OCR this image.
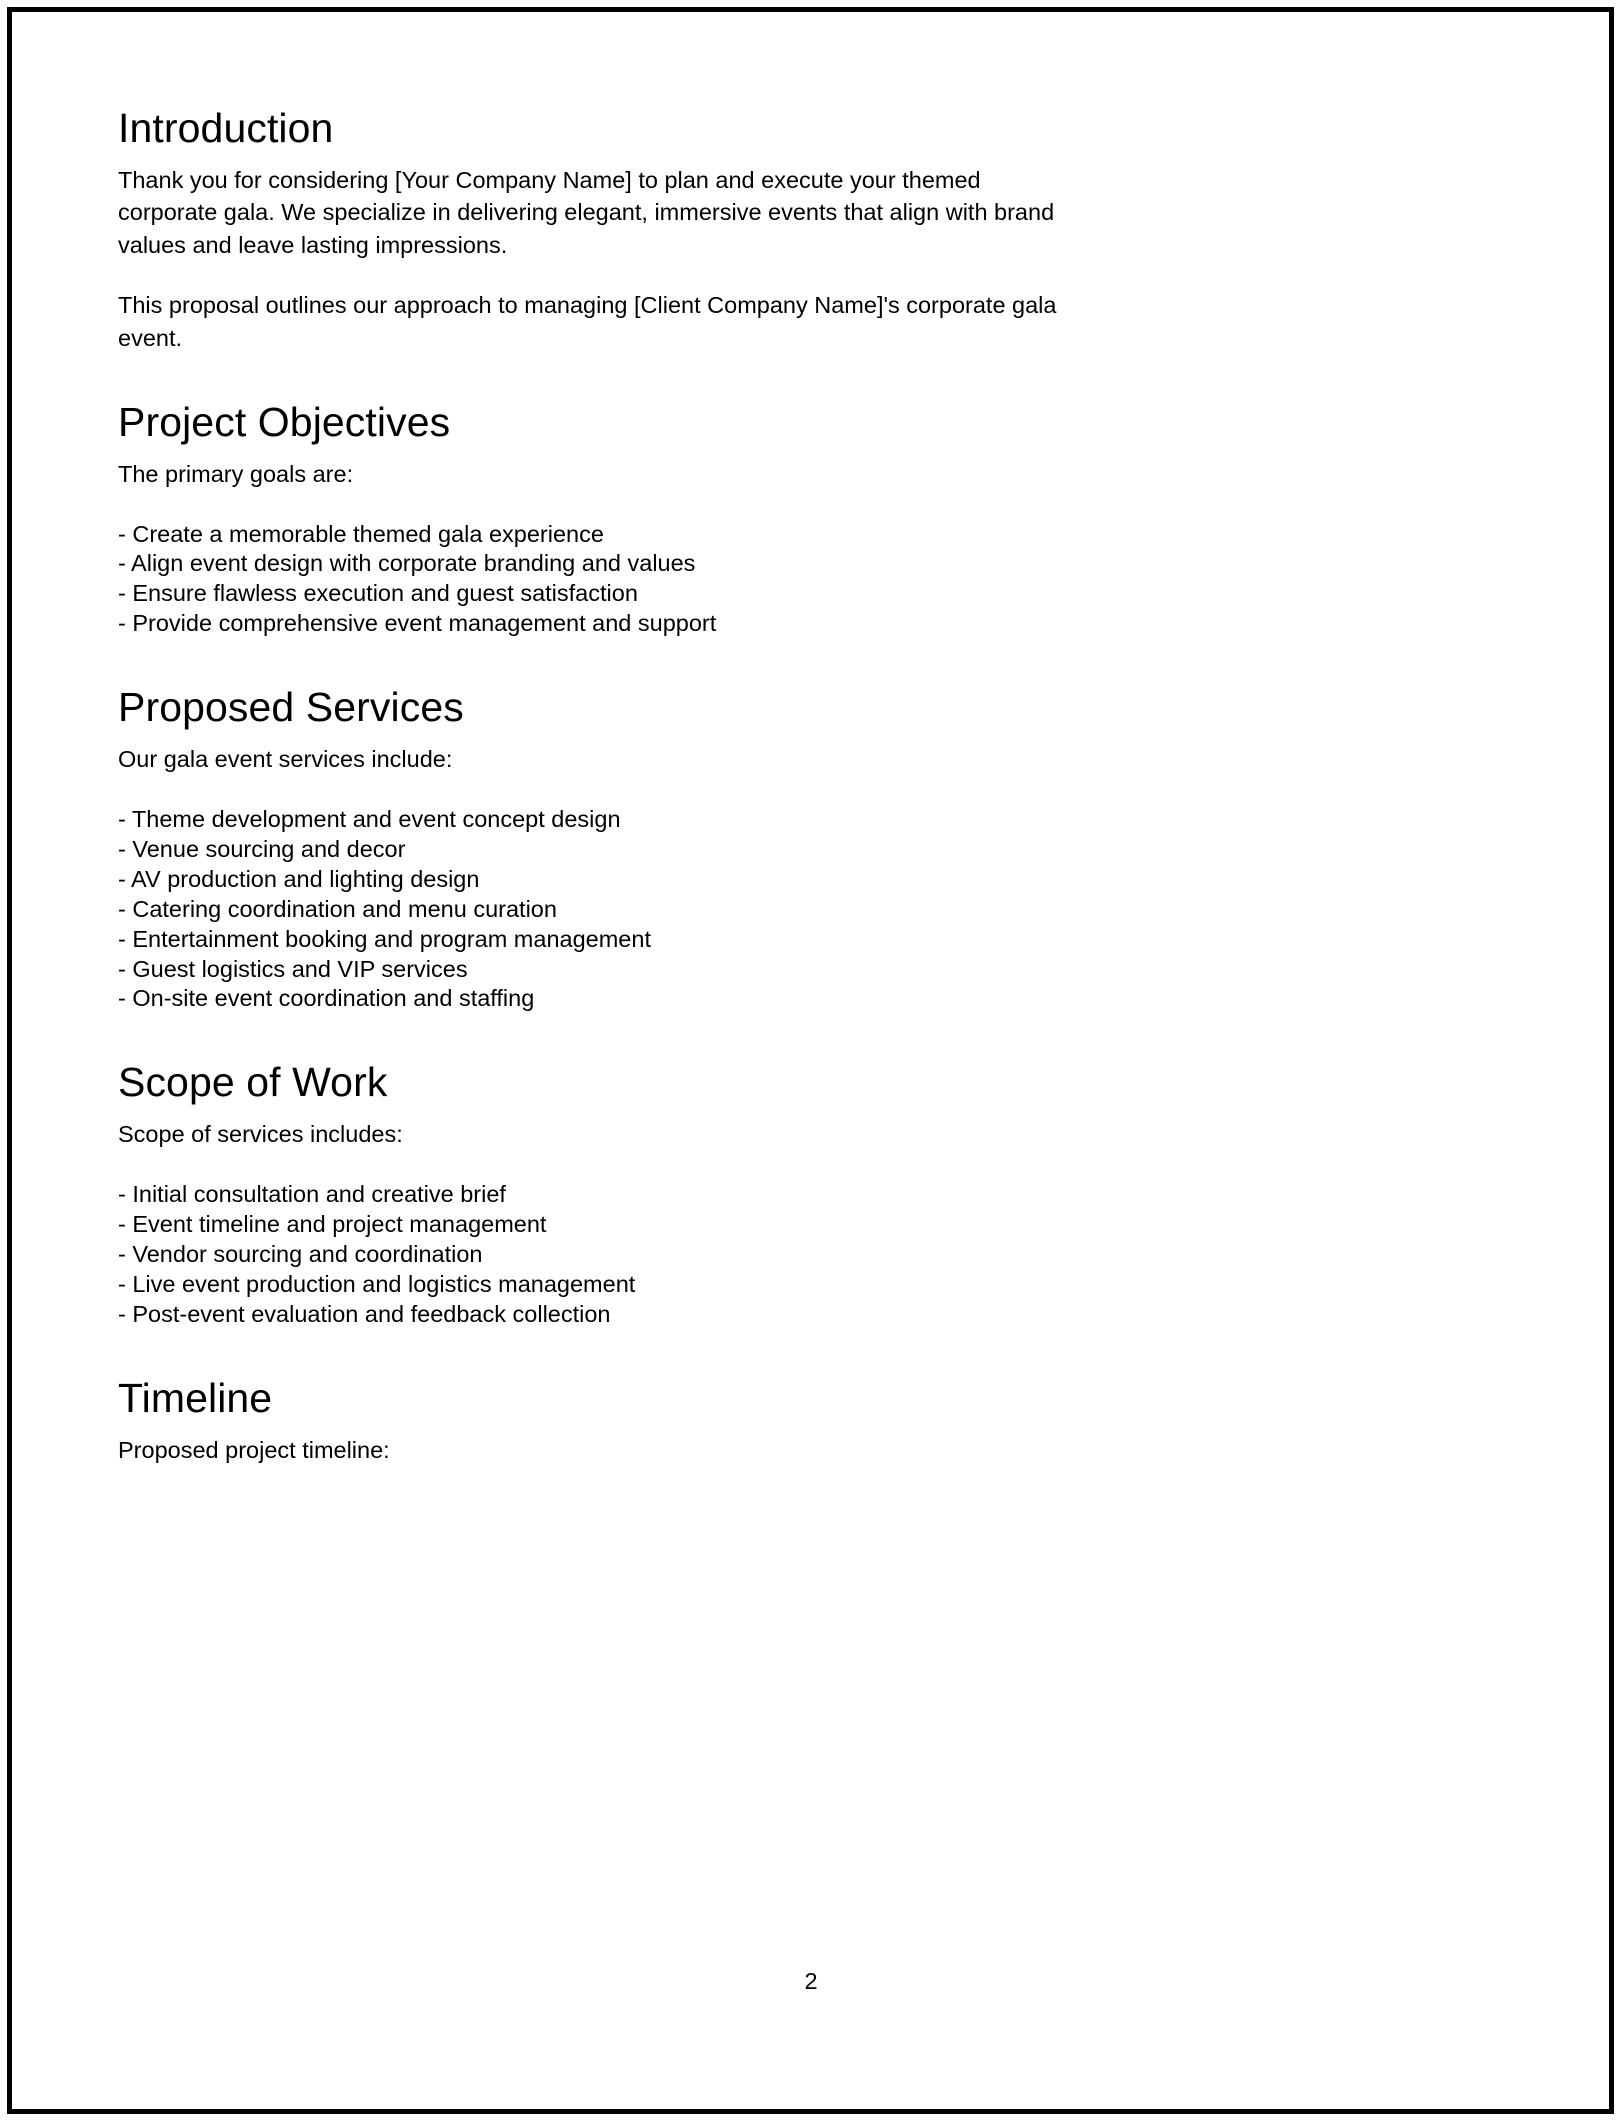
Introduction

Thank you for considering [Your Company Name] to plan and execute your themed corporate gala. We specialize in delivering elegant, immersive events that align with brand values and leave lasting impressions.

This proposal outlines our approach to managing [Client Company Name]'s corporate gala event.

Project Objectives

The primary goals are:

- Create a memorable themed gala experience
- Align event design with corporate branding and values
- Ensure flawless execution and guest satisfaction
- Provide comprehensive event management and support
Proposed Services

Our gala event services include:

- Theme development and event concept design
- Venue sourcing and decor
- AV production and lighting design
- Catering coordination and menu curation
- Entertainment booking and program management
- Guest logistics and VIP services
- On-site event coordination and staffing
Scope of Work

Scope of services includes:

- Initial consultation and creative brief
- Event timeline and project management
- Vendor sourcing and coordination
- Live event production and logistics management
- Post-event evaluation and feedback collection
Timeline

Proposed project timeline:

2
